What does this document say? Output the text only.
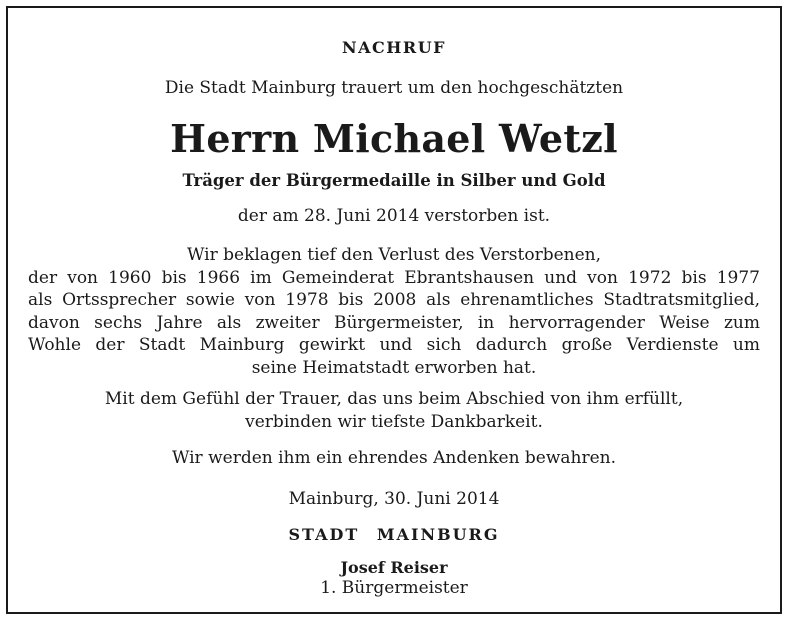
NACHRUF
Die Stadt Mainburg trauert um den hochgeschätzten
Herrn Michael Wetzl
Träger der Bürgermedaille in Silber und Gold
der am 28. Juni 2014 verstorben ist.
Wir beklagen tief den Verlust des Verstorbenen,
der von 1960 bis 1966 im Gemeinderat Ebrantshausen und von 1972 bis 1977
als Ortssprecher sowie von 1978 bis 2008 als ehrenamtliches Stadtratsmitglied,
davon sechs Jahre als zweiter Bürgermeister, in hervorragender Weise zum
Wohle der Stadt Mainburg gewirkt und sich dadurch große Verdienste um
seine Heimatstadt erworben hat.
Mit dem Gefühl der Trauer, das uns beim Abschied von ihm erfüllt,
verbinden wir tiefste Dankbarkeit.
Wir werden ihm ein ehrendes Andenken bewahren.
Mainburg, 30. Juni 2014
STADT MAINBURG
Josef Reiser
1. Bürgermeister
